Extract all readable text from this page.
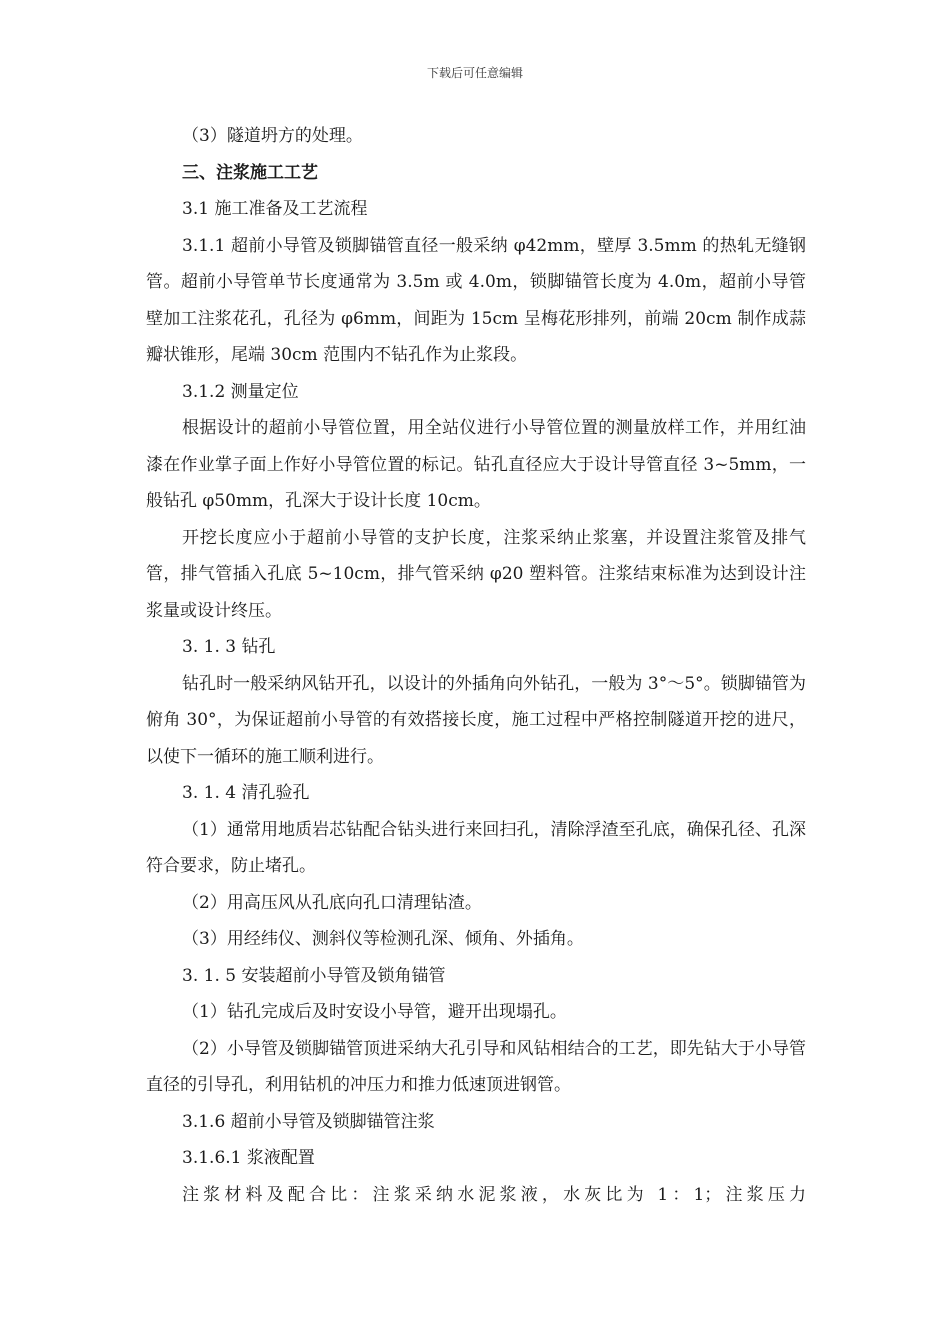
下载后可任意编辑

（3）隧道坍方的处理。

三、注浆施工工艺

3.1 施工准备及工艺流程

3.1.1 超前小导管及锁脚锚管直径一般采纳 φ42mm，壁厚 3.5mm 的热轧无缝钢管。超前小导管单节长度通常为 3.5m 或 4.0m，锁脚锚管长度为 4.0m，超前小导管壁加工注浆花孔，孔径为 φ6mm，间距为 15cm 呈梅花形排列，前端 20cm 制作成蒜瓣状锥形，尾端 30cm 范围内不钻孔作为止浆段。

3.1.2 测量定位

根据设计的超前小导管位置，用全站仪进行小导管位置的测量放样工作，并用红油漆在作业掌子面上作好小导管位置的标记。钻孔直径应大于设计导管直径 3~5mm，一般钻孔 φ50mm，孔深大于设计长度 10cm。

开挖长度应小于超前小导管的支护长度，注浆采纳止浆塞，并设置注浆管及排气管，排气管插入孔底 5~10cm，排气管采纳 φ20 塑料管。注浆结束标准为达到设计注浆量或设计终压。

3. 1. 3 钻孔

钻孔时一般采纳风钻开孔，以设计的外插角向外钻孔，一般为 3°～5°。锁脚锚管为俯角 30°，为保证超前小导管的有效搭接长度，施工过程中严格控制隧道开挖的进尺，以使下一循环的施工顺利进行。

3. 1. 4 清孔验孔

（1）通常用地质岩芯钻配合钻头进行来回扫孔，清除浮渣至孔底，确保孔径、孔深符合要求，防止堵孔。

（2）用高压风从孔底向孔口清理钻渣。

（3）用经纬仪、测斜仪等检测孔深、倾角、外插角。

3. 1. 5 安装超前小导管及锁角锚管

（1）钻孔完成后及时安设小导管，避开出现塌孔。

（2）小导管及锁脚锚管顶进采纳大孔引导和风钻相结合的工艺，即先钻大于小导管直径的引导孔，利用钻机的冲压力和推力低速顶进钢管。

3.1.6 超前小导管及锁脚锚管注浆

3.1.6.1 浆液配置

注浆材料及配合比：注浆采纳水泥浆液，水灰比为 1：1；注浆压力
